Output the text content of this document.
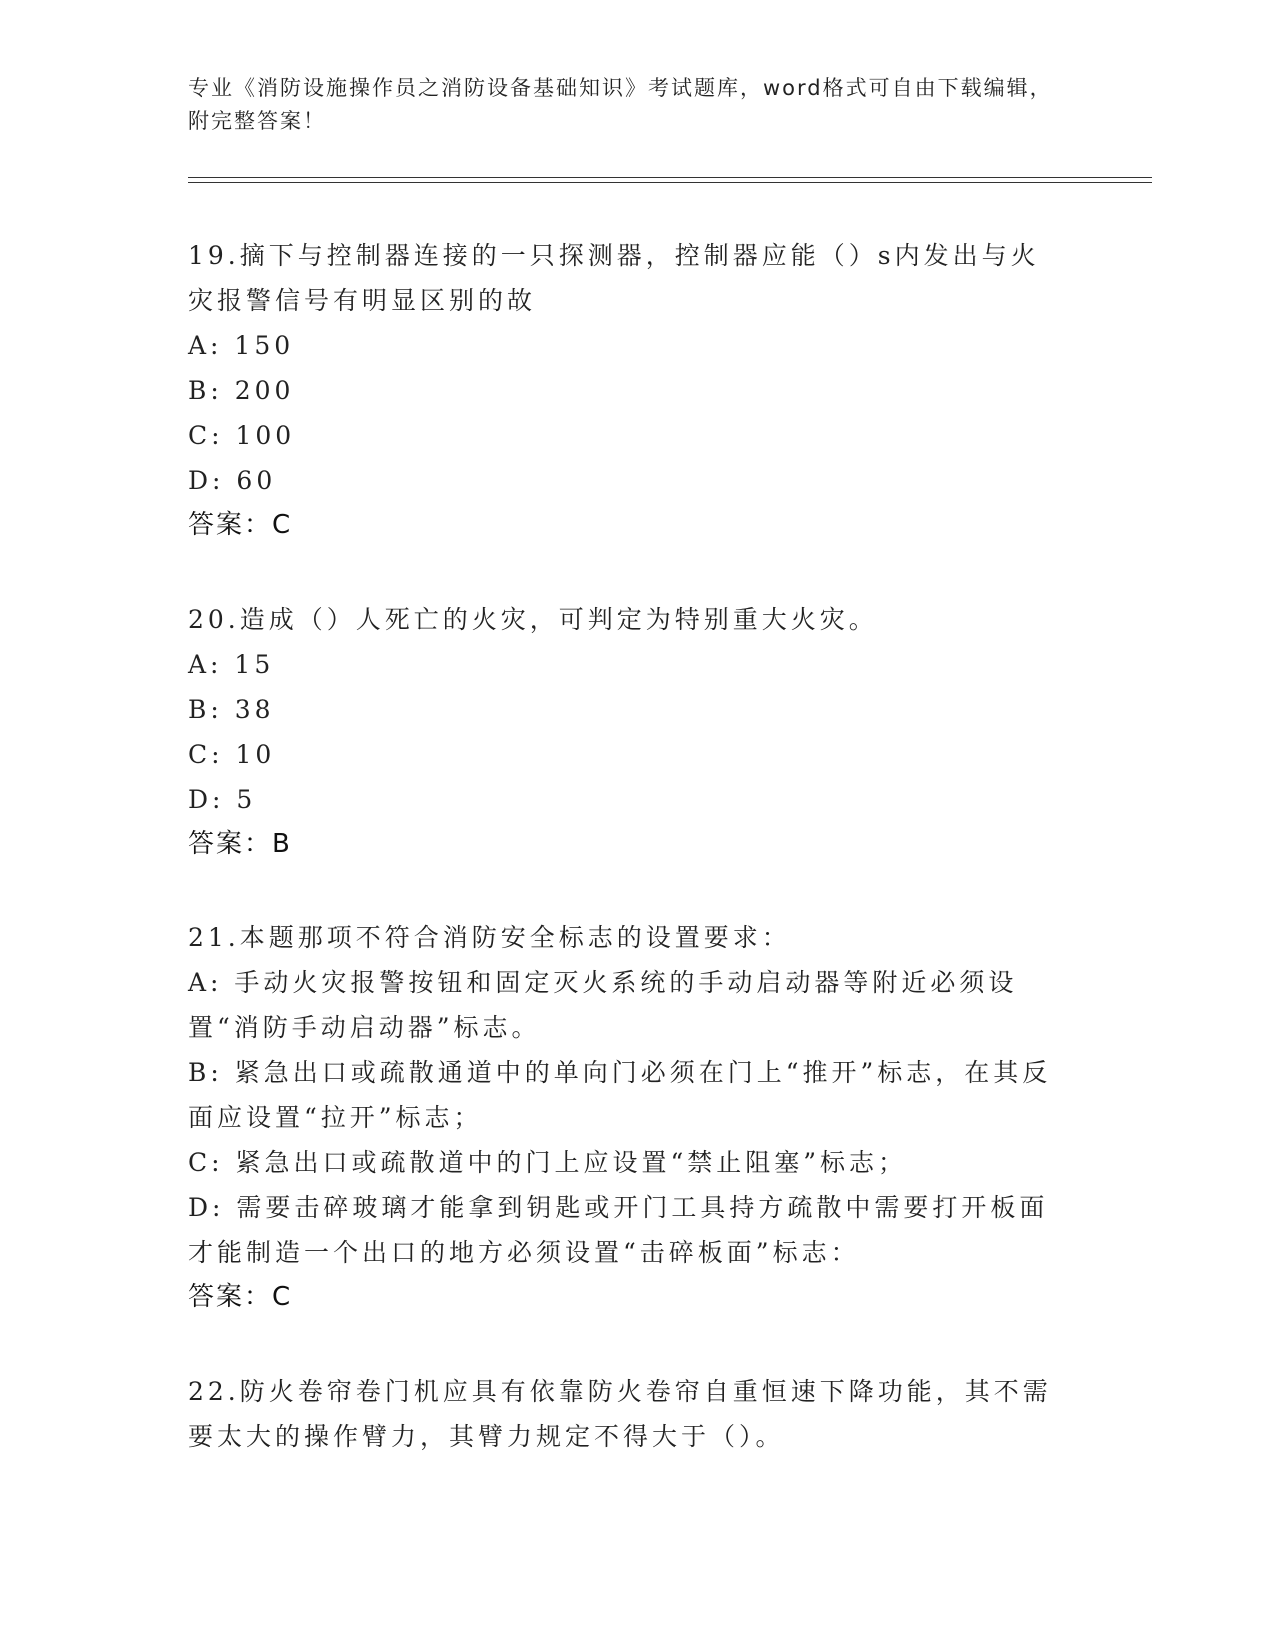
专业《消防设施操作员之消防设备基础知识》考试题库，word格式可自由下载编辑，附完整答案！

19.摘下与控制器连接的一只探测器，控制器应能（）s内发出与火灾报警信号有明显区别的故

A: 150

B: 200

C: 100

D: 60

答案：C

20.造成（）人死亡的火灾，可判定为特别重大火灾。

A: 15

B: 38

C: 10

D: 5

答案：B

21.本题那项不符合消防安全标志的设置要求：

A: 手动火灾报警按钮和固定灭火系统的手动启动器等附近必须设置“消防手动启动器”标志。

B: 紧急出口或疏散通道中的单向门必须在门上“推开”标志，在其反面应设置“拉开”标志；

C: 紧急出口或疏散道中的门上应设置“禁止阻塞”标志；

D: 需要击碎玻璃才能拿到钥匙或开门工具持方疏散中需要打开板面才能制造一个出口的地方必须设置“击碎板面”标志：

答案：C

22.防火卷帘卷门机应具有依靠防火卷帘自重恒速下降功能，其不需要太大的操作臂力，其臂力规定不得大于（）。
